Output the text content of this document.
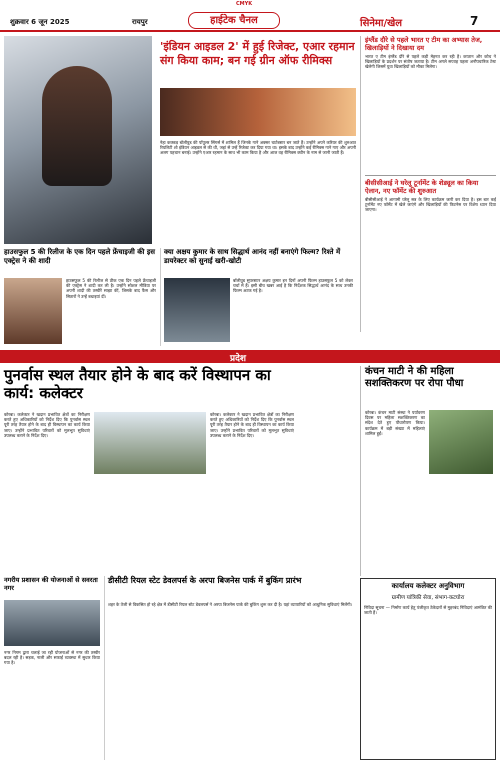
CMYK
शुक्रवार 6 जून 2025	रायपुर	हाईटेक चैनल	सिनेमा/खेल	7
'इंडियन आइडल 2' में हुई रिजेक्ट, एआर रहमान संग किया काम; बन गई ग्रीन ऑफ रीमिक्स
नेहा कक्कड़ बॉलीवुड की पॉपुलर सिंगर्स में शामिल हैं जिनके गाने अक्सर चार्टबस्टर बन जाते हैं। उन्होंने अपने करियर की शुरुआत रियलिटी शो इंडियन आइडल से की थी, जहां से उन्हें रिजेक्ट कर दिया गया था। इसके बाद उन्होंने कई रीमिक्स गाने गाए और अपनी अलग पहचान बनाई। उन्होंने एआर रहमान के साथ भी काम किया है और आज वह रीमिक्स क्वीन के नाम से जानी जाती हैं।
इंग्लैंड दौरे से पहले भारत ए टीम का अभ्यास तेज, खिलाड़ियों ने दिखाया दम
भारत ए टीम इंग्लैंड दौरे से पहले कड़ी मेहनत कर रही है। कप्तान और कोच ने खिलाड़ियों के प्रदर्शन पर संतोष जताया है। टीम अगले सप्ताह पहला अनौपचारिक टेस्ट खेलेगी जिसमें युवा खिलाड़ियों को मौका मिलेगा।
बीसीसीआई ने घरेलू टूर्नामेंट के शेड्यूल का किया ऐलान, नए फॉर्मेट की शुरुआत
बीसीसीआई ने आगामी घरेलू सत्र के लिए कार्यक्रम जारी कर दिया है। इस बार कई टूर्नामेंट नए फॉर्मेट में खेले जाएंगे और खिलाड़ियों की फिटनेस पर विशेष ध्यान दिया जाएगा।
हाउसफुल 5 की रिलीज के एक दिन पहले फ्रेंचाइजी की इस एक्ट्रेस ने की शादी
हाउसफुल 5 की रिलीज से ठीक एक दिन पहले फ्रेंचाइजी की एक्ट्रेस ने शादी कर ली है। उन्होंने सोशल मीडिया पर अपनी शादी की तस्वीरें साझा कीं, जिसके बाद फैंस और सितारों ने उन्हें बधाइयां दीं।
क्या अक्षय कुमार के साथ सिद्धार्थ आनंद नहीं बनाएंगे फिल्म? रिश्ते में डायरेक्टर को सुनाई खरी-खोटी
बॉलीवुड सुपरस्टार अक्षय कुमार इन दिनों अपनी फिल्म हाउसफुल 5 को लेकर चर्चा में हैं। इसी बीच खबर आई है कि निर्देशक सिद्धार्थ आनंद के साथ उनकी फिल्म अटक गई है।
प्रदेश
पुनर्वास स्थल तैयार होने के बाद करें विस्थापन का कार्य: कलेक्टर
कोरबा। कलेक्टर ने खदान प्रभावित क्षेत्रों का निरीक्षण करते हुए अधिकारियों को निर्देश दिए कि पुनर्वास स्थल पूरी तरह तैयार होने के बाद ही विस्थापन का कार्य किया जाए। उन्होंने प्रभावित परिवारों को मूलभूत सुविधाएं उपलब्ध कराने के निर्देश दिए।
कोरबा। कलेक्टर ने खदान प्रभावित क्षेत्रों का निरीक्षण करते हुए अधिकारियों को निर्देश दिए कि पुनर्वास स्थल पूरी तरह तैयार होने के बाद ही विस्थापन का कार्य किया जाए। उन्होंने प्रभावित परिवारों को मूलभूत सुविधाएं उपलब्ध कराने के निर्देश दिए।
कंचन माटी ने की महिला सशक्तिकरण पर रोपा पौधा
कोरबा। कंचन माटी संस्था ने पर्यावरण दिवस पर महिला सशक्तिकरण का संदेश देते हुए पौधारोपण किया। कार्यक्रम में बड़ी संख्या में महिलाएं शामिल हुईं।
नगरीय प्रशासन की योजनाओं से सवरता नगर
नगर निगम द्वारा चलाई जा रही योजनाओं से नगर की तस्वीर बदल रही है। सड़क, नाली और सफाई व्यवस्था में सुधार किया गया है।
डीसीटी रियल स्टेट डेवलपर्स के अरपा बिजनेस पार्क में बुकिंग प्रारंभ
शहर के तेजी से विकसित हो रहे क्षेत्र में डीसीटी रियल स्टेट डेवलपर्स ने अरपा बिजनेस पार्क की बुकिंग शुरू कर दी है। यहां व्यापारियों को आधुनिक सुविधाएं मिलेंगी।
कार्यालय कलेक्टर अनुविभाग
ग्रामीण यांत्रिकी सेवा, संभाग-कटघोरा
निविदा सूचना — निर्माण कार्य हेतु पंजीकृत ठेकेदारों से मुहरबंद निविदाएं आमंत्रित की जाती हैं।
